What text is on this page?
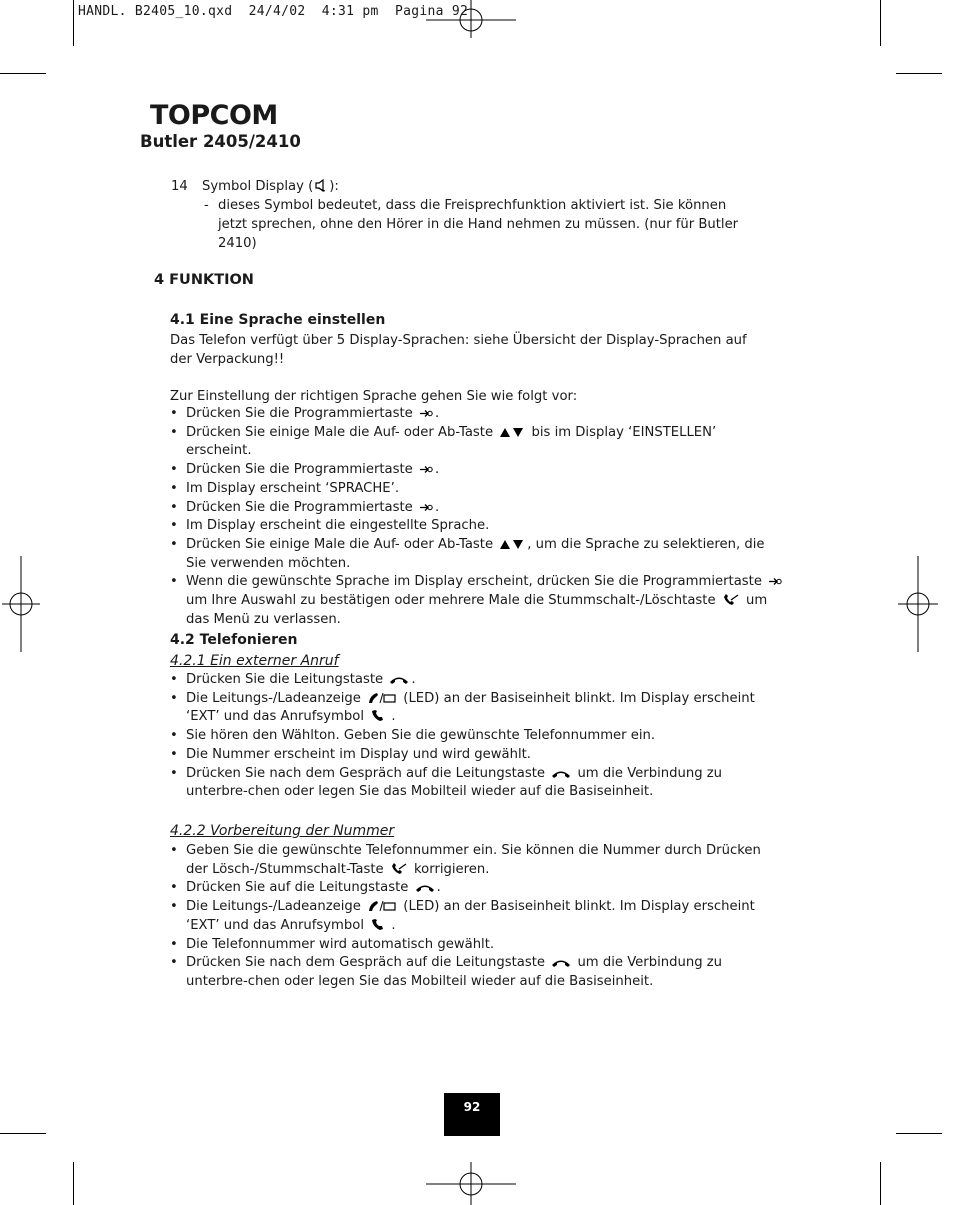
HANDL. B2405_10.qxd  24/4/02  4:31 pm  Pagina 92
TOPCOM
Butler 2405/2410
14 Symbol Display ( ):
- dieses Symbol bedeutet, dass die Freisprechfunktion aktiviert ist. Sie können jetzt sprechen, ohne den Hörer in die Hand nehmen zu müssen. (nur für Butler 2410)
4 FUNKTION
4.1 Eine Sprache einstellen
Das Telefon verfügt über 5 Display-Sprachen: siehe Übersicht der Display-Sprachen auf der Verpackung!!
Zur Einstellung der richtigen Sprache gehen Sie wie folgt vor:
• Drücken Sie die Programmiertaste .
• Drücken Sie einige Male die Auf- oder Ab-Taste	bis im Display ‘EINSTELLEN’ erscheint.
• Drücken Sie die Programmiertaste .
• Im Display erscheint ‘SPRACHE’.
• Drücken Sie die Programmiertaste .
• Im Display erscheint die eingestellte Sprache.
• Drücken Sie einige Male die Auf- oder Ab-Taste	, um die Sprache zu selektieren, die Sie verwenden möchten.
• Wenn die gewünschte Sprache im Display erscheint, drücken Sie die Programmiertaste  um Ihre Auswahl zu bestätigen oder mehrere Male die Stummschalt-/Löschtaste um das Menü zu verlassen.
4.2 Telefonieren
4.2.1 Ein externer Anruf
• Drücken Sie die Leitungstaste .
• Die Leitungs-/Ladeanzeige	(LED) an der Basiseinheit blinkt. Im Display erscheint ‘EXT’ und das Anrufsymbol .
• Sie hören den Wählton. Geben Sie die gewünschte Telefonnummer ein.
• Die Nummer erscheint im Display und wird gewählt.
• Drücken Sie nach dem Gespräch auf die Leitungstaste um die Verbindung zu unterbre-chen oder legen Sie das Mobilteil wieder auf die Basiseinheit.
4.2.2 Vorbereitung der Nummer
• Geben Sie die gewünschte Telefonnummer ein. Sie können die Nummer durch Drücken der Lösch-/Stummschalt-Taste korrigieren.
• Drücken Sie auf die Leitungstaste .
• Die Leitungs-/Ladeanzeige	(LED) an der Basiseinheit blinkt. Im Display erscheint ‘EXT’ und das Anrufsymbol .
• Die Telefonnummer wird automatisch gewählt.
• Drücken Sie nach dem Gespräch auf die Leitungstaste um die Verbindung zu unterbre-chen oder legen Sie das Mobilteil wieder auf die Basiseinheit.
92
